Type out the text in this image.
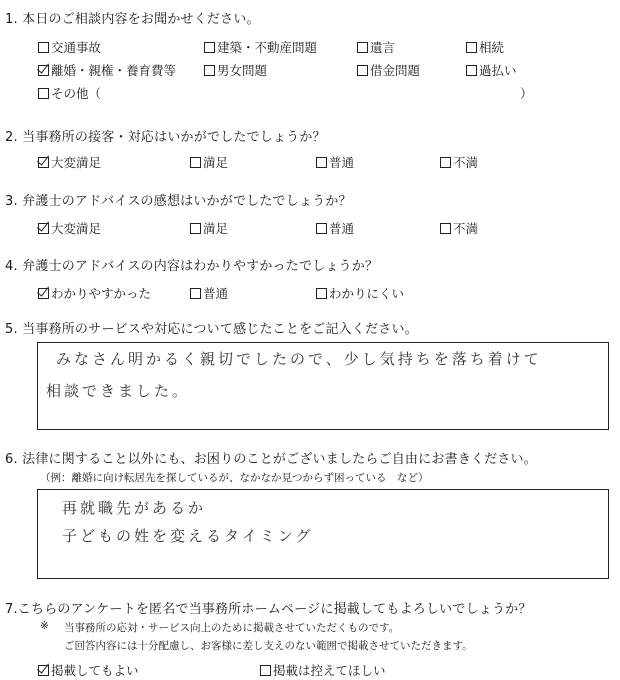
1. 本日のご相談内容をお聞かせください。
交通事故	建築・不動産問題	遺言	相続
離婚・親権・養育費等	男女問題	借金問題	過払い
その他（	）
2. 当事務所の接客・対応はいかがでしたでしょうか？
大変満足	満足	普通	不満
3. 弁護士のアドバイスの感想はいかがでしたでしょうか？
大変満足	満足	普通	不満
4. 弁護士のアドバイスの内容はわかりやすかったでしょうか？
わかりやすかった	普通	わかりにくい
5. 当事務所のサービスや対応について感じたことをご記入ください。
みなさん明かるく親切でしたので、少し気持ちを落ち着けて
相談できました。
6. 法律に関すること以外にも、お困りのことがございましたらご自由にお書きください。
（例：離婚に向け転居先を探しているが、なかなか見つからず困っている　など）
再就職先があるか
子どもの姓を変えるタイミング
7.こちらのアンケートを匿名で当事務所ホームページに掲載してもよろしいでしょうか？
※ 当事務所の応対・サービス向上のために掲載させていただくものです。
ご回答内容には十分配慮し、お客様に差し支えのない範囲で掲載させていただきます。
掲載してもよい	掲載は控えてほしい
